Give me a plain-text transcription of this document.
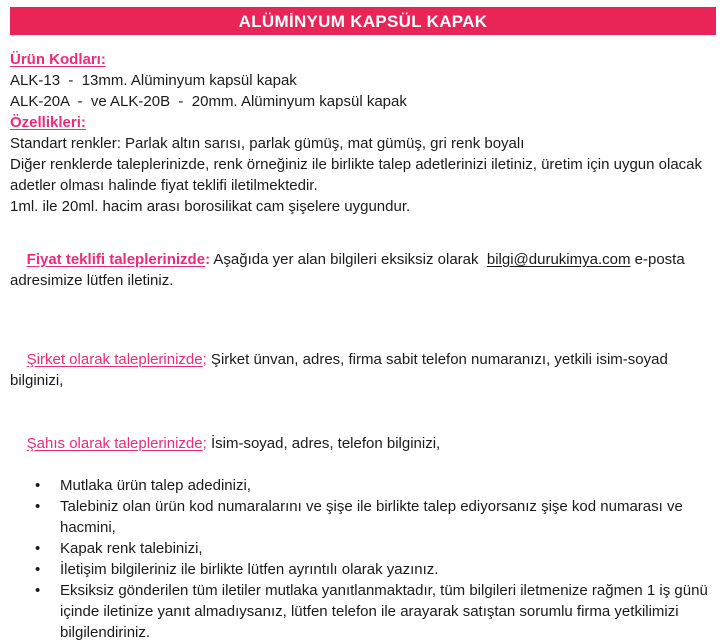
ALÜMİNYUM KAPSÜL KAPAK
Ürün Kodları:
ALK-13  -  13mm. Alüminyum kapsül kapak
ALK-20A  -  ve ALK-20B  -  20mm. Alüminyum kapsül kapak
Özellikleri:
Standart renkler: Parlak altın sarısı, parlak gümüş, mat gümüş, gri renk boyalı
Diğer renklerde taleplerinizde, renk örneğiniz ile birlikte talep adetlerinizi iletiniz, üretim için uygun olacak adetler olması halinde fiyat teklifi iletilmektedir.
1ml. ile 20ml. hacim arası borosilikat cam şişelere uygundur.

Fiyat teklifi taleplerinizde: Aşağıda yer alan bilgileri eksiksiz olarak  bilgi@durukimya.com e-posta adresimize lütfen iletiniz.

Şirket olarak taleplerinizde; Şirket ünvan, adres, firma sabit telefon numaranızı, yetkili isim-soyad bilginizi,

Şahıs olarak taleplerinizde; İsim-soyad, adres, telefon bilginizi,

• Mutlaka ürün talep adedinizi,
• Talebiniz olan ürün kod numaralarını ve şişe ile birlikte talep ediyorsanız şişe kod numarası ve hacmini,
• Kapak renk talebinizi,
• İletişim bilgileriniz ile birlikte lütfen ayrıntılı olarak yazınız.
• Eksiksiz gönderilen tüm iletiler mutlaka yanıtlanmaktadır, tüm bilgileri iletmenize rağmen 1 iş günü içinde iletinize yanıt almadıysanız, lütfen telefon ile arayarak satıştan sorumlu firma yetkilimizi bilgilendiriniz.
